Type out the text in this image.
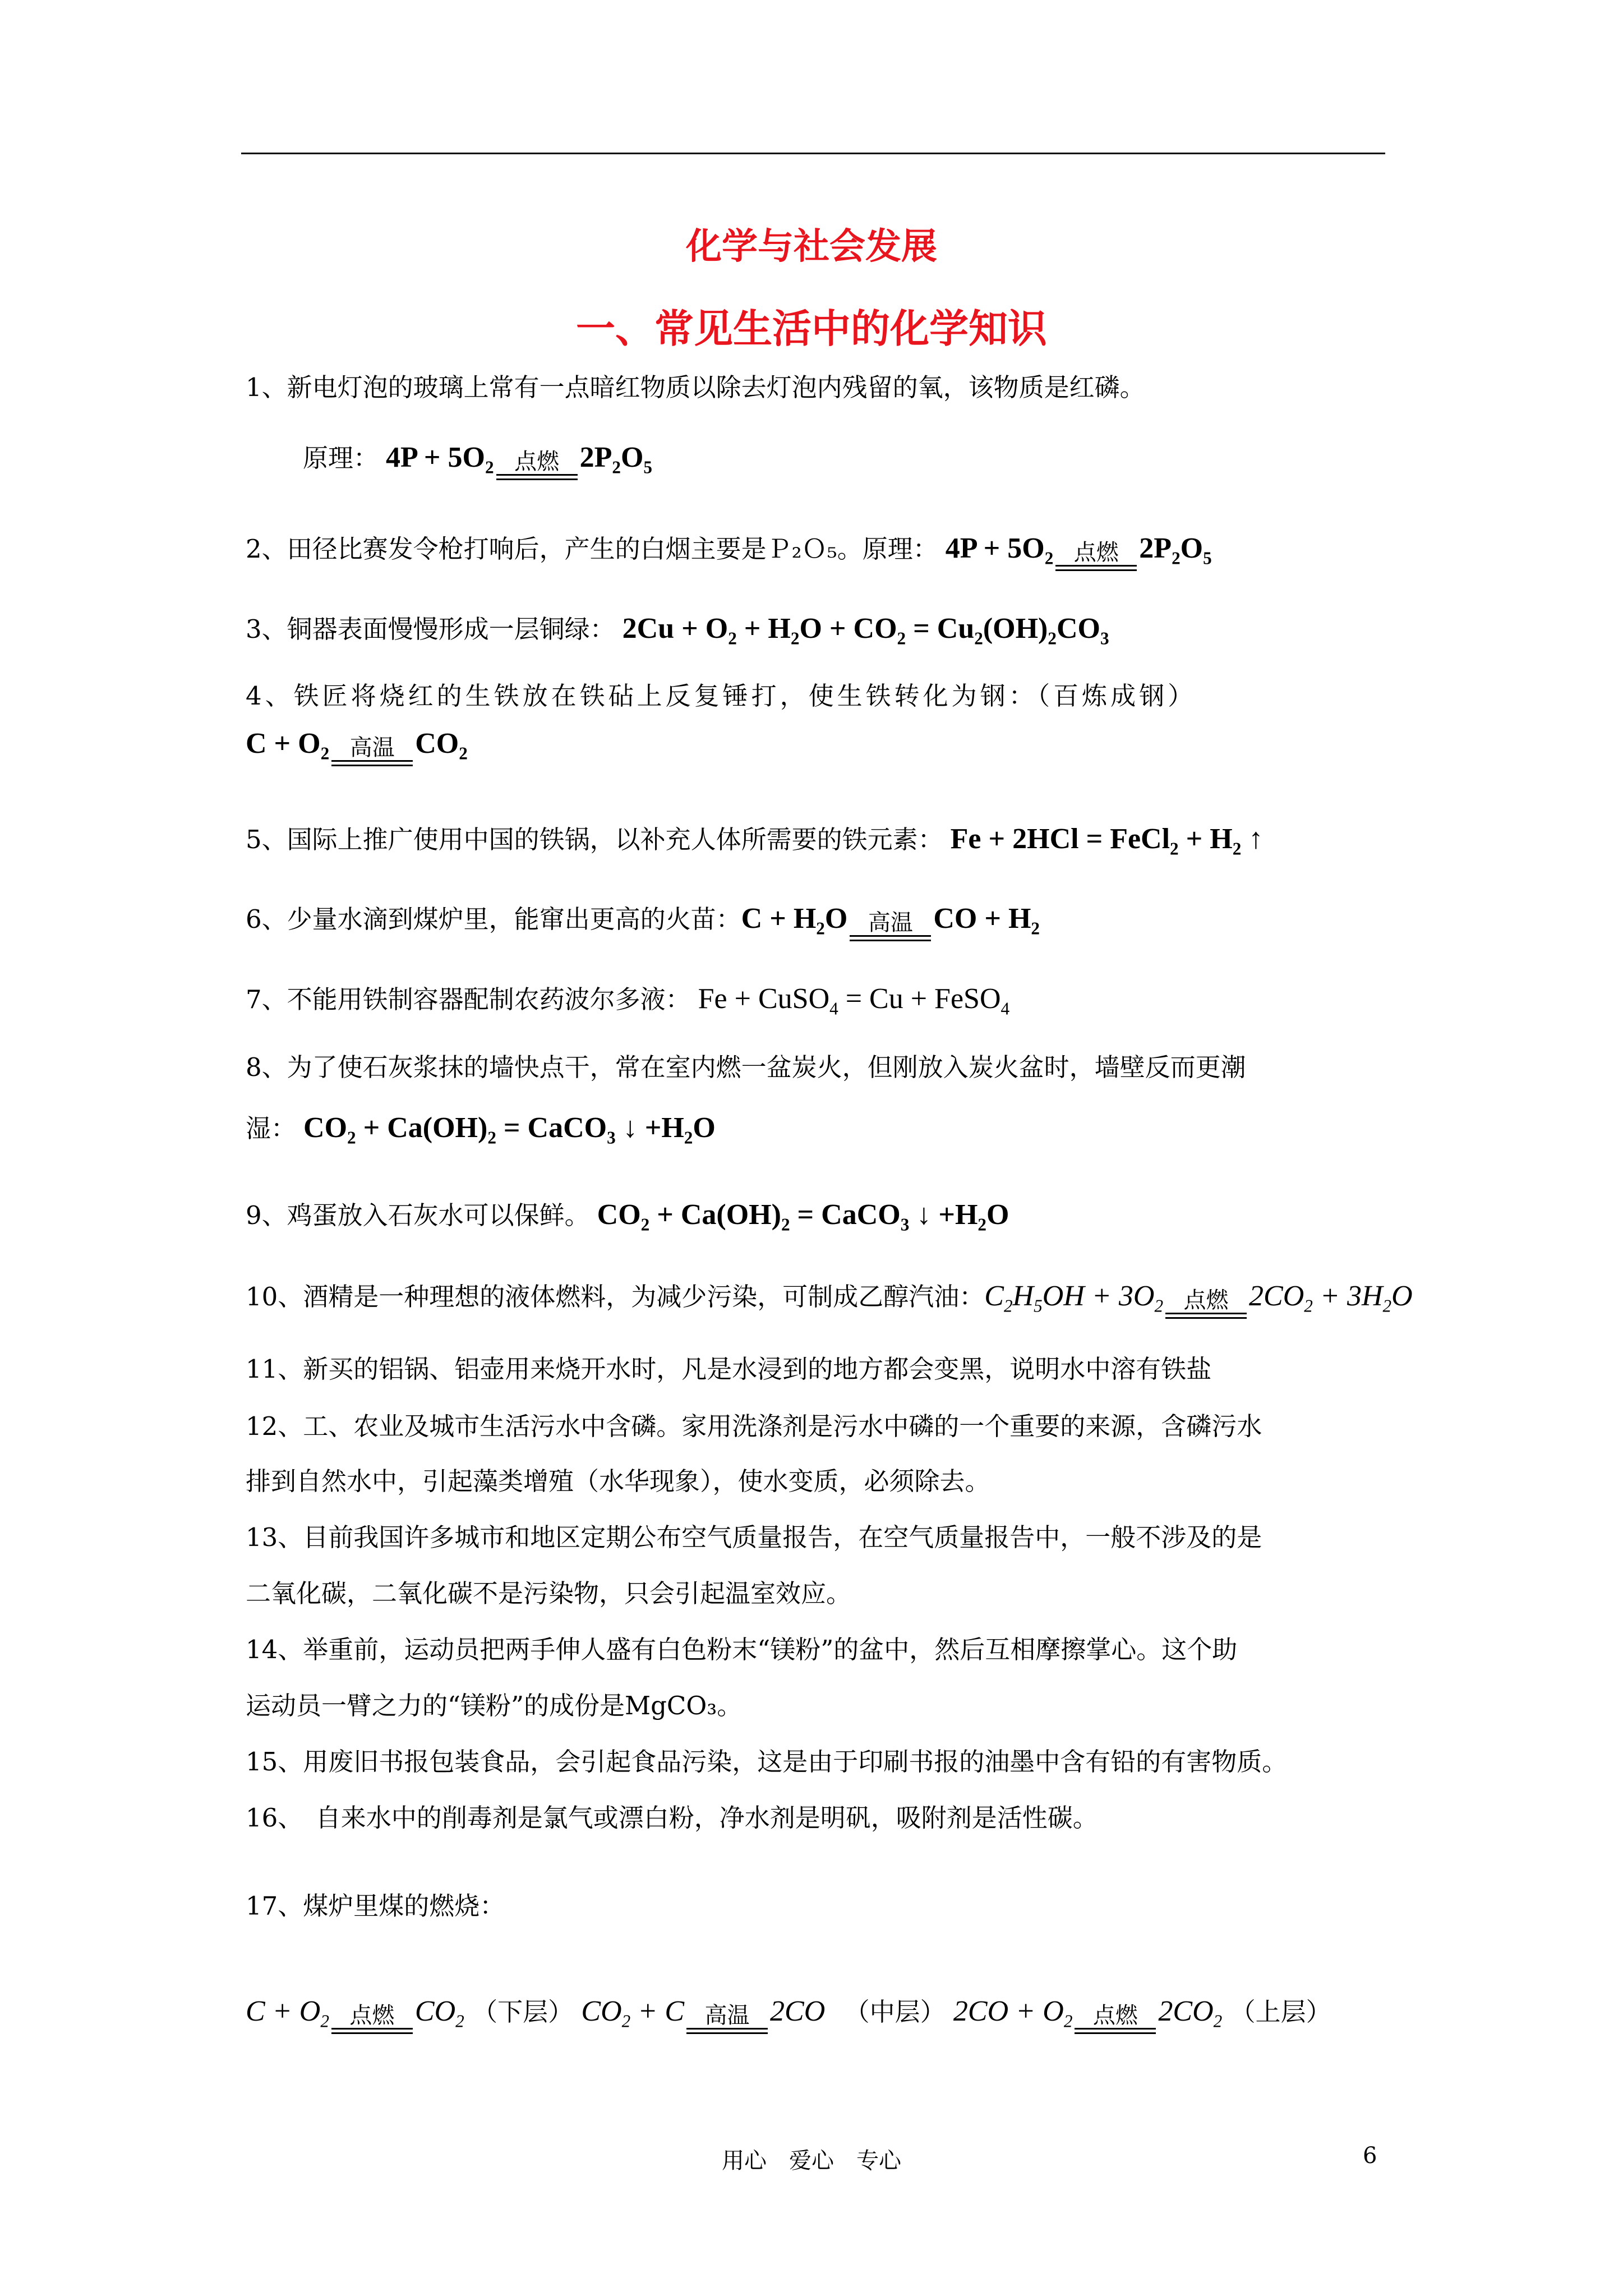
化学与社会发展
一、常见生活中的化学知识
1、新电灯泡的玻璃上常有一点暗红物质以除去灯泡内残留的氧，该物质是红磷。
原理： $4P + 5O_2$ 点燃 $2P_2O_5$
2、田径比赛发令枪打响后，产生的白烟主要是Ｐ₂Ｏ₅。原理： $4P + 5O_2$ 点燃 $2P_2O_5$
3、铜器表面慢慢形成一层铜绿： $2Cu + O_2 + H_2O + CO_2 = Cu_2(OH)_2CO_3$
4、铁匠将烧红的生铁放在铁砧上反复锤打，使生铁转化为钢：（百炼成钢）
$C + O_2$ 高温 $CO_2$
5、国际上推广使用中国的铁锅，以补充人体所需要的铁元素： Fe + 2HCl = FeCl$_2$ + $H_2$ ↑
6、少量水滴到煤炉里，能窜出更高的火苗：$C + H_2O$ 高温 CO + $H_2$
7、不能用铁制容器配制农药波尔多液： Fe + CuSO$_4$ = Cu + FeSO$_4$
8、为了使石灰浆抹的墙快点干，常在室内燃一盆炭火，但刚放入炭火盆时，墙壁反而更潮
湿： $CO_2 + Ca(OH)_2$ = CaCO$_3$ ↓ $+H_2O$
9、鸡蛋放入石灰水可以保鲜。 $CO_2 + Ca(OH)_2$ = CaCO$_3$ ↓ $+H_2O$
10、酒精是一种理想的液体燃料，为减少污染，可制成乙醇汽油：$C_2H_5OH + 3O_2$ 点燃 $2CO_2 + 3H_2O$
11、新买的铝锅、铝壶用来烧开水时，凡是水浸到的地方都会变黑，说明水中溶有铁盐
12、工、农业及城市生活污水中含磷。家用洗涤剂是污水中磷的一个重要的来源，含磷污水
排到自然水中，引起藻类增殖（水华现象），使水变质，必须除去。
13、目前我国许多城市和地区定期公布空气质量报告，在空气质量报告中，一般不涉及的是
二氧化碳，二氧化碳不是污染物，只会引起温室效应。
14、举重前，运动员把两手伸人盛有白色粉末“镁粉”的盆中，然后互相摩擦掌心。这个助
运动员一臂之力的“镁粉”的成份是MgCO₃。
15、用废旧书报包装食品，会引起食品污染，这是由于印刷书报的油墨中含有铅的有害物质。
16、　自来水中的削毒剂是氯气或漂白粉，净水剂是明矾，吸附剂是活性碳。
17、煤炉里煤的燃烧：
$C + O_2$ 点燃 $CO_2$ （下层） $CO_2 + C$ 高温 2CO （中层） $2CO + O_2$ 点燃 $2CO_2$ （上层）
用心　爱心　专心	6
